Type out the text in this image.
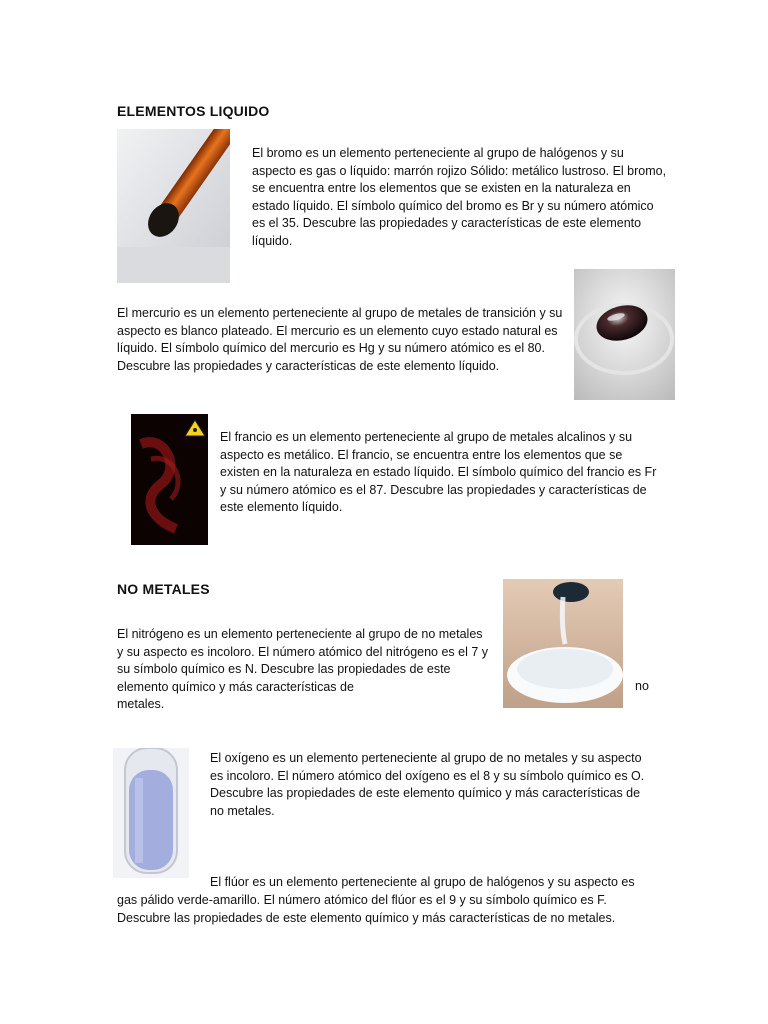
ELEMENTOS LIQUIDO

El bromo es un elemento perteneciente al grupo de halógenos y su aspecto es gas o líquido: marrón rojizo Sólido: metálico lustroso. El bromo, se encuentra entre los elementos que se existen en la naturaleza en estado líquido. El símbolo químico del bromo es Br y su número atómico es el 35. Descubre las propiedades y características de este elemento líquido.

El mercurio es un elemento perteneciente al grupo de metales de transición y su aspecto es blanco plateado. El mercurio es un elemento cuyo estado natural es líquido. El símbolo químico del mercurio es Hg y su número atómico es el 80. Descubre las propiedades y características de este elemento líquido.

El francio es un elemento perteneciente al grupo de metales alcalinos y su aspecto es metálico. El francio, se encuentra entre los elementos que se existen en la naturaleza en estado líquido. El símbolo químico del francio es Fr y su número atómico es el 87. Descubre las propiedades y características de este elemento líquido.

NO METALES

El nitrógeno es un elemento perteneciente al grupo de no metales y su aspecto es incoloro. El número atómico del nitrógeno es el 7 y su símbolo químico es N. Descubre las propiedades de este elemento químico y más características de	no
metales.

El oxígeno es un elemento perteneciente al grupo de no metales y su aspecto es incoloro. El número atómico del oxígeno es el 8 y su símbolo químico es O. Descubre las propiedades de este elemento químico y más características de no metales.

El flúor es un elemento perteneciente al grupo de halógenos y su aspecto es

gas pálido verde-amarillo. El número atómico del flúor es el 9 y su símbolo químico es F. Descubre las propiedades de este elemento químico y más características de no metales.
